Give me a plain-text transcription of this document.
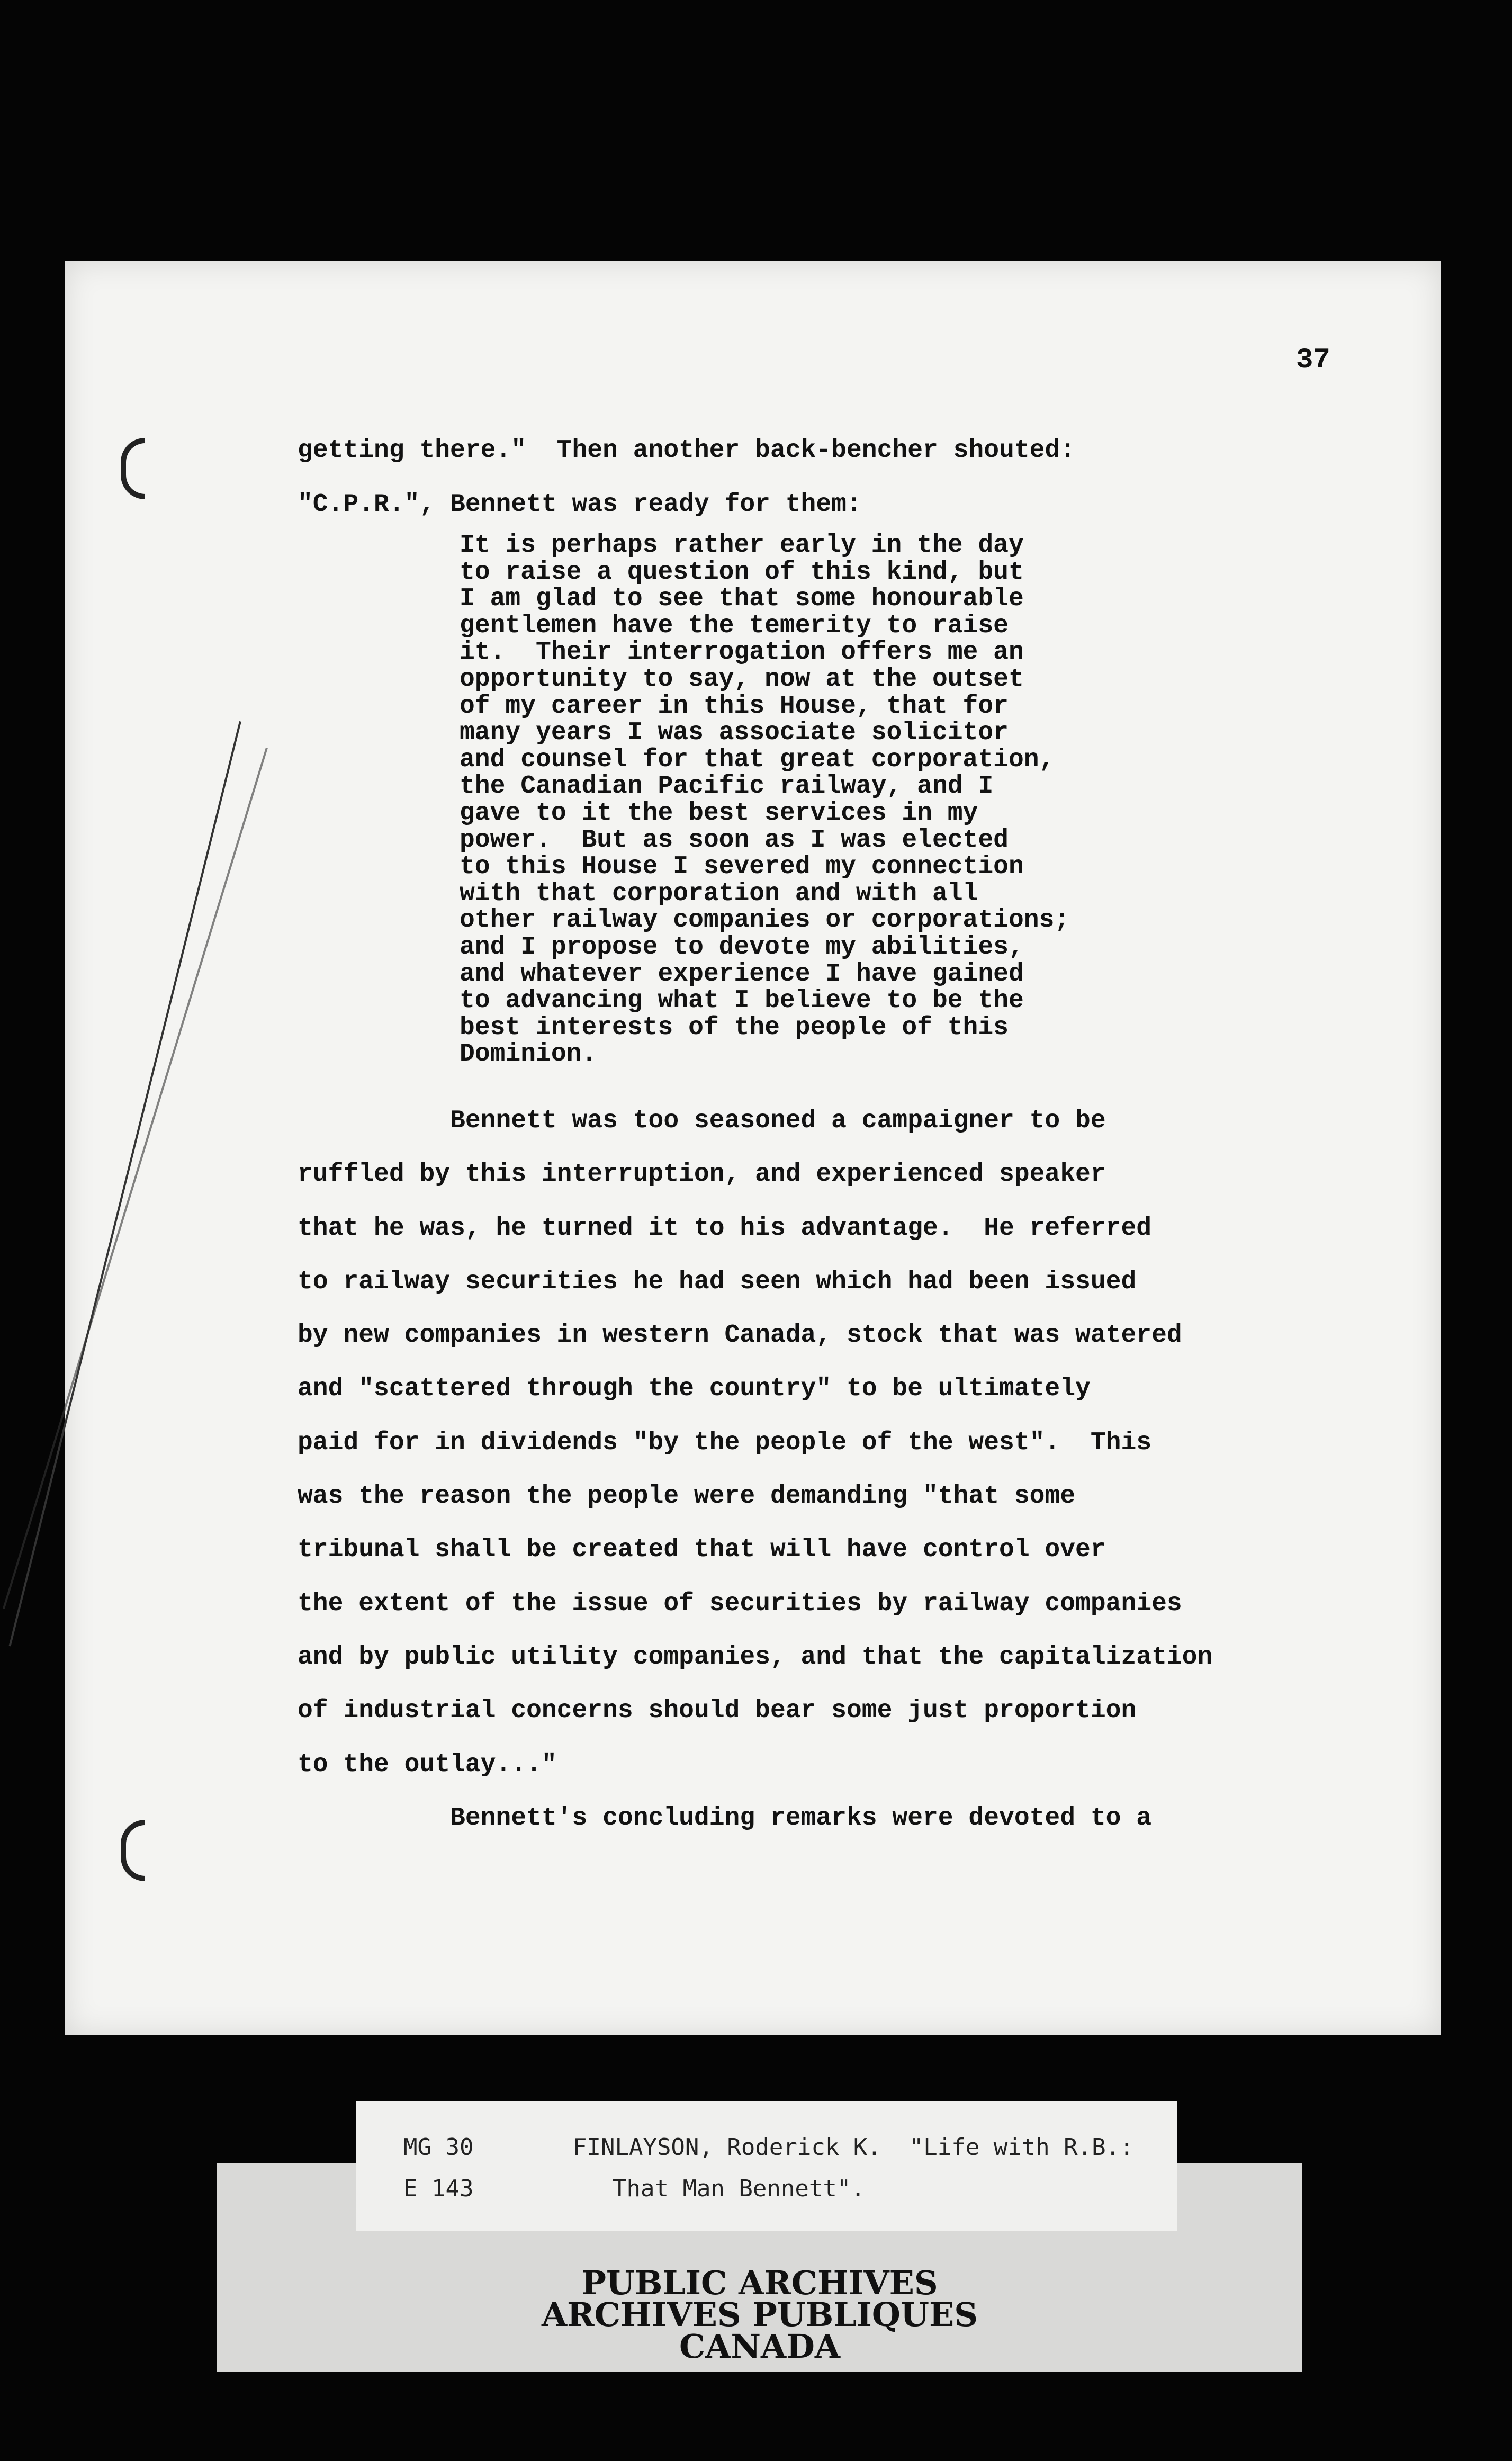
37
getting there."  Then another back-bencher shouted:
"C.P.R.", Bennett was ready for them:
It is perhaps rather early in the day
to raise a question of this kind, but
I am glad to see that some honourable
gentlemen have the temerity to raise
it.  Their interrogation offers me an
opportunity to say, now at the outset
of my career in this House, that for
many years I was associate solicitor
and counsel for that great corporation,
the Canadian Pacific railway, and I
gave to it the best services in my
power.  But as soon as I was elected
to this House I severed my connection
with that corporation and with all
other railway companies or corporations;
and I propose to devote my abilities,
and whatever experience I have gained
to advancing what I believe to be the
best interests of the people of this
Dominion.
Bennett was too seasoned a campaigner to be
ruffled by this interruption, and experienced speaker
that he was, he turned it to his advantage.  He referred
to railway securities he had seen which had been issued
by new companies in western Canada, stock that was watered
and "scattered through the country" to be ultimately
paid for in dividends "by the people of the west".  This
was the reason the people were demanding "that some
tribunal shall be created that will have control over
the extent of the issue of securities by railway companies
and by public utility companies, and that the capitalization
of industrial concerns should bear some just proportion
to the outlay..."
Bennett's concluding remarks were devoted to a
PUBLIC ARCHIVES
ARCHIVES PUBLIQUES
CANADA
MG 30	FINLAYSON, Roderick K.  "Life with R.B.:
E 143	That Man Bennett".
